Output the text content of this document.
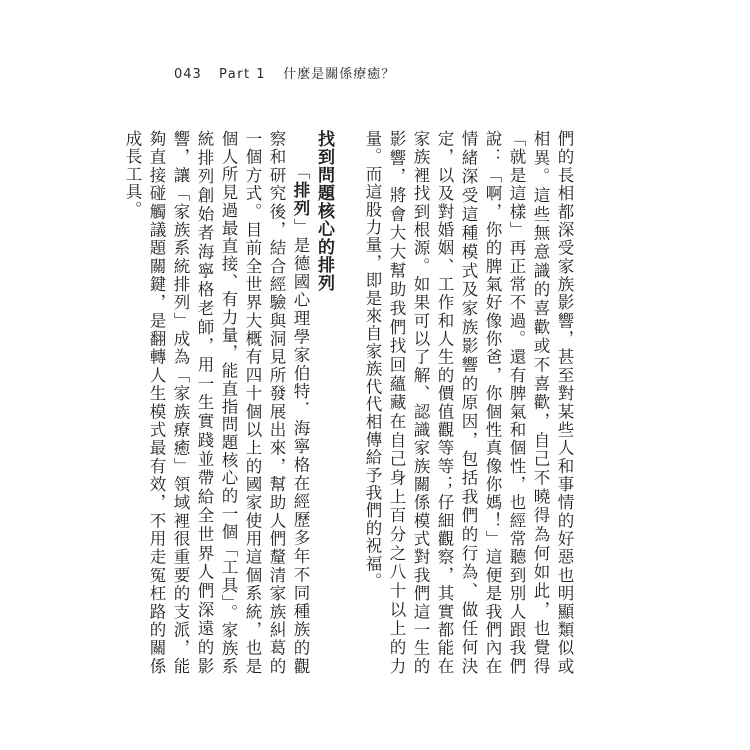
043 Part 1 什麼是關係療癒？

們的長相都深受家族影響，甚至對某些人和事情的好惡也明顯類似或相異。這些無意識的喜歡或不喜歡，自己不曉得為何如此，也覺得「就是這樣」再正常不過。還有脾氣和個性，也經常聽到別人跟我們說：「啊，你的脾氣好像你爸，你個性真像你媽！」這便是我們內在情緒深受這種模式及家族影響的原因，包括我們的行為、做任何決定，以及對婚姻、工作和人生的價值觀等等；仔細觀察，其實都能在家族裡找到根源。如果可以了解、認識家族關係模式對我們這一生的影響，將會大大幫助我們找回蘊藏在自己身上百分之八十以上的力量。而這股力量，即是來自家族代代相傳給予我們的祝福。

找到問題核心的排列

「排列」是德國心理學家伯特．海寧格在經歷多年不同種族的觀察和研究後，結合經驗與洞見所發展出來，幫助人們釐清家族糾葛的一個方式。目前全世界大概有四十個以上的國家使用這個系統，也是個人所見過最直接、有力量，能直指問題核心的一個「工具」。家族系統排列創始者海寧格老師，用一生實踐並帶給全世界人們深遠的影響，讓「家族系統排列」成為「家族療癒」領域裡很重要的支派，能夠直接碰觸議題關鍵，是翻轉人生模式最有效，不用走冤枉路的關係成長工具。
